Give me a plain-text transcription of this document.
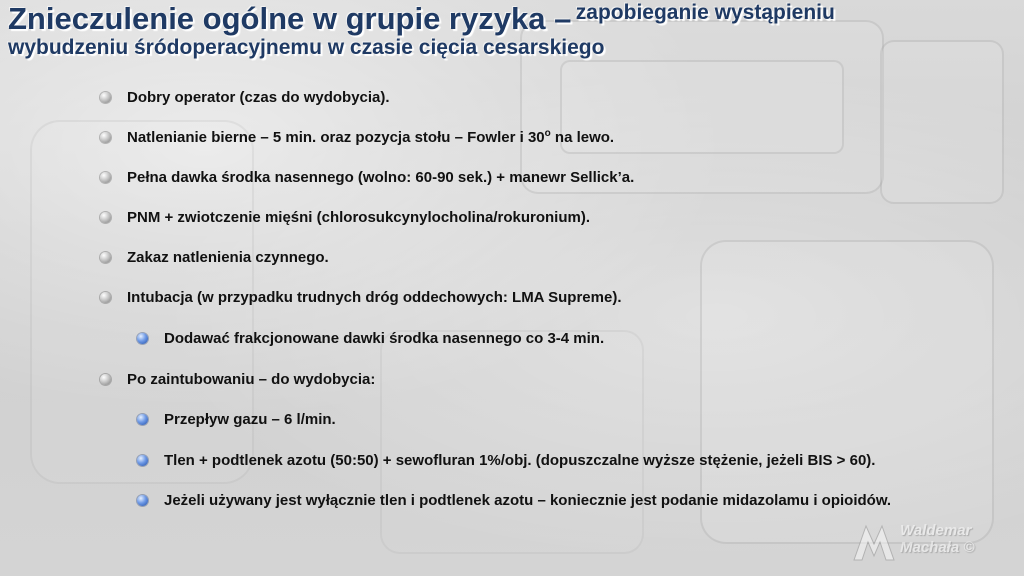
Znieczulenie ogólne w grupie ryzyka – zapobieganie wystąpieniu
wybudzeniu śródoperacyjnemu w czasie cięcia cesarskiego
Dobry operator (czas do wydobycia).
Natlenianie bierne – 5 min. oraz pozycja stołu – Fowler i 30$^o$ na lewo.
Pełna dawka środka nasennego (wolno: 60-90 sek.) + manewr Sellick’a.
PNM + zwiotczenie mięśni (chlorosukcynylocholina/rokuronium).
Zakaz natlenienia czynnego.
Intubacja (w przypadku trudnych dróg oddechowych: LMA Supreme).
Dodawać frakcjonowane dawki środka nasennego co 3-4 min.
Po zaintubowaniu – do wydobycia:
Przepływ gazu – 6 l/min.
Tlen + podtlenek azotu (50:50) + sewofluran 1%/obj. (dopuszczalne wyższe stężenie, jeżeli BIS > 60).
Jeżeli używany jest wyłącznie tlen i podtlenek azotu – koniecznie jest podanie midazolamu i opioidów.
Waldemar
Machała ©
